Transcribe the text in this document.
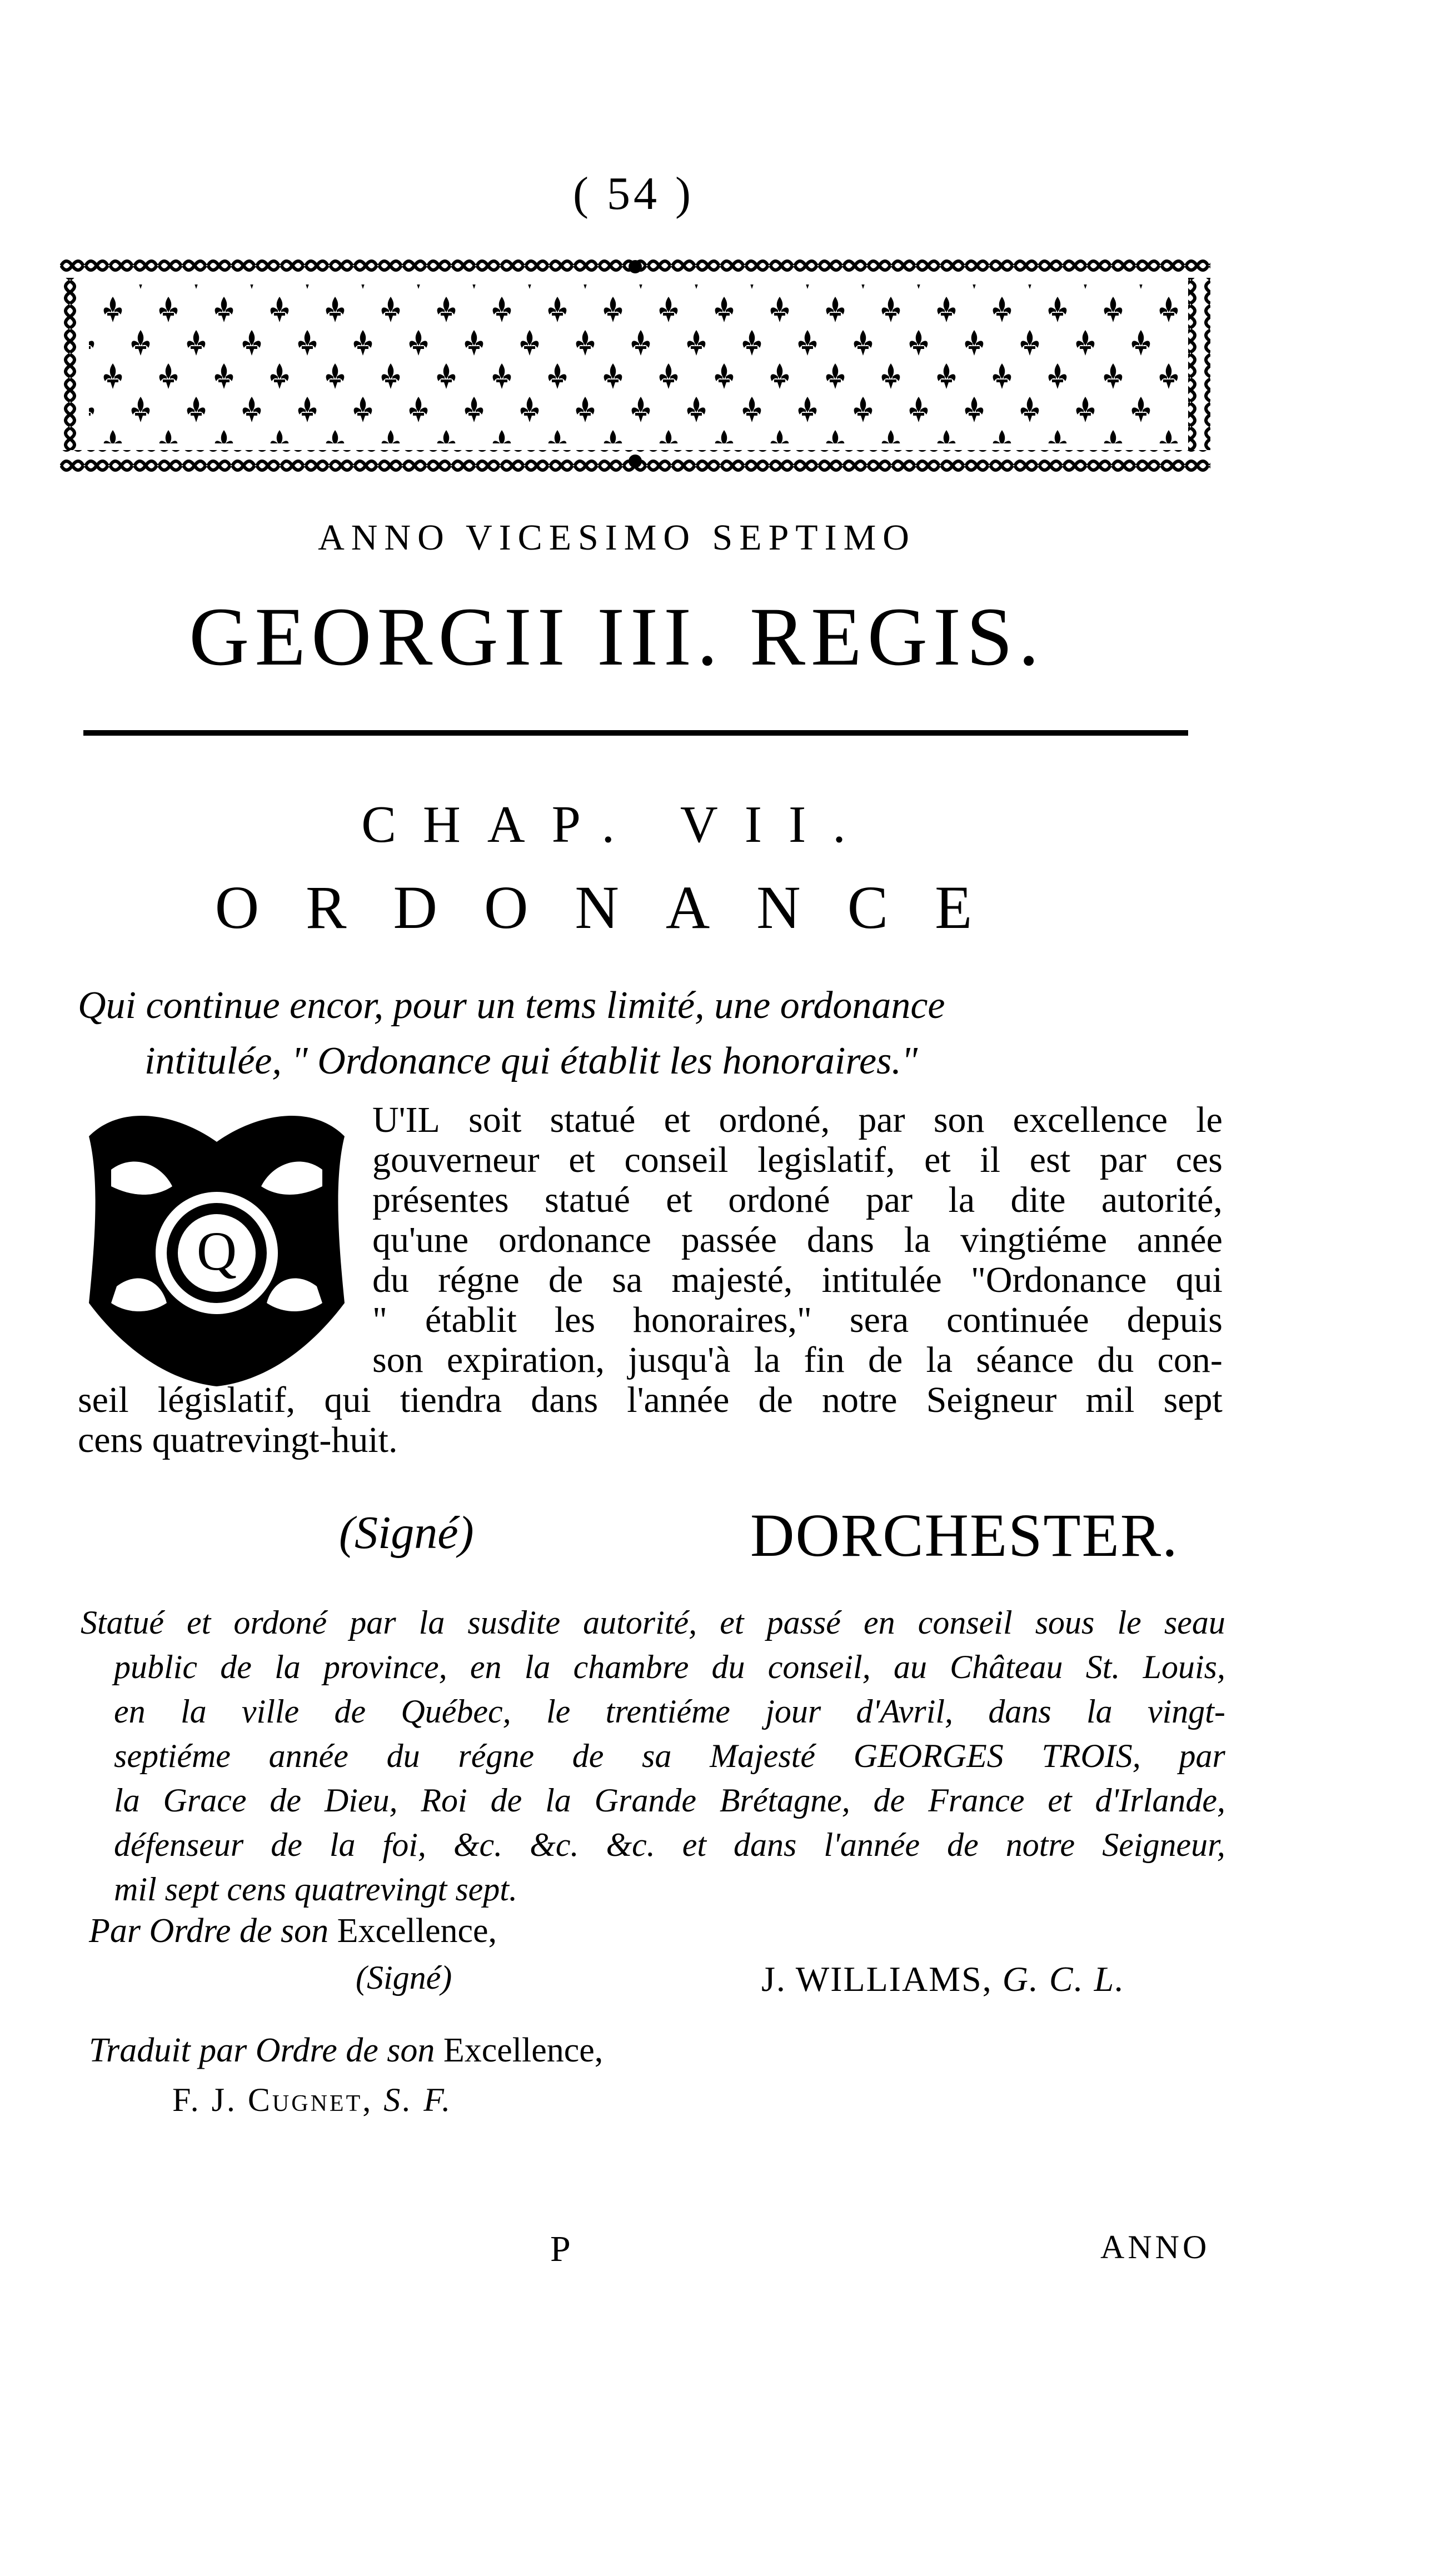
( 54 )
ANNO VICESIMO SEPTIMO
GEORGII III. REGIS.
CHAP. VII.
ORDONANCE
Qui continue encor, pour un tems limité, une ordonance
intitulée, " Ordonance qui établit les honoraires."
Q
U'IL soit statué et ordoné, par son excellence le
gouverneur et conseil legislatif, et il est par ces
présentes statué et ordoné par la dite autorité,
qu'une ordonance passée dans la vingtiéme année
du régne de sa majesté, intitulée "Ordonance qui
" établit les honoraires," sera continuée depuis
son expiration, jusqu'à la fin de la séance du con-
seil législatif, qui tiendra dans l'année de notre Seigneur mil sept
cens quatrevingt-huit.
(Signé)	DORCHESTER.
Statué et ordoné par la susdite autorité, et passé en conseil sous le seau
public de la province, en la chambre du conseil, au Château St. Louis,
en la ville de Québec, le trentiéme jour d'Avril, dans la vingt-
septiéme année du régne de sa Majesté GEORGES TROIS, par
la Grace de Dieu, Roi de la Grande Brétagne, de France et d'Irlande,
défenseur de la foi, &c. &c. &c. et dans l'année de notre Seigneur,
mil sept cens quatrevingt sept.
Par Ordre de son Excellence,
(Signé)	J. WILLIAMS, G. C. L.
Traduit par Ordre de son Excellence,
F. J. Cugnet, S. F.
P	ANNO
